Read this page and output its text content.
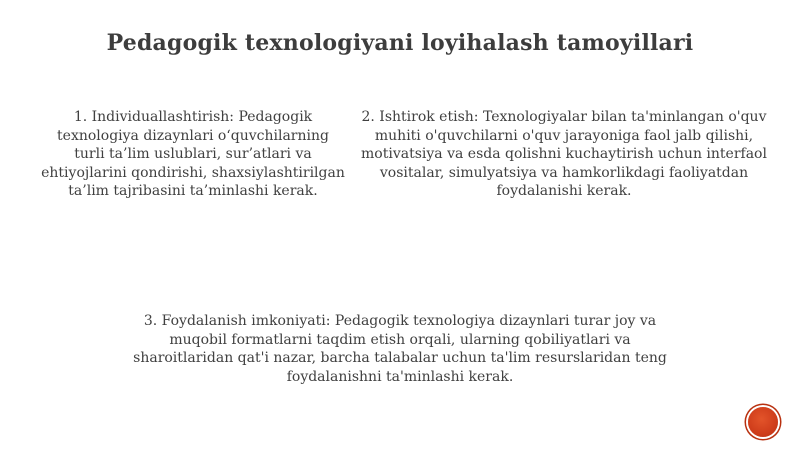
Pedagogik texnologiyani loyihalash tamoyillari

1. Individuallashtirish: Pedagogik texnologiya dizaynlari o‘quvchilarning turli ta’lim uslublari, sur’atlari va ehtiyojlarini qondirishi, shaxsiylashtirilgan ta’lim tajribasini ta’minlashi kerak.

2. Ishtirok etish: Texnologiyalar bilan ta'minlangan o'quv muhiti o'quvchilarni o'quv jarayoniga faol jalb qilishi, motivatsiya va esda qolishni kuchaytirish uchun interfaol vositalar, simulyatsiya va hamkorlikdagi faoliyatdan foydalanishi kerak.

3. Foydalanish imkoniyati: Pedagogik texnologiya dizaynlari turar joy va muqobil formatlarni taqdim etish orqali, ularning qobiliyatlari va sharoitlaridan qat'i nazar, barcha talabalar uchun ta'lim resurslaridan teng foydalanishni ta'minlashi kerak.
